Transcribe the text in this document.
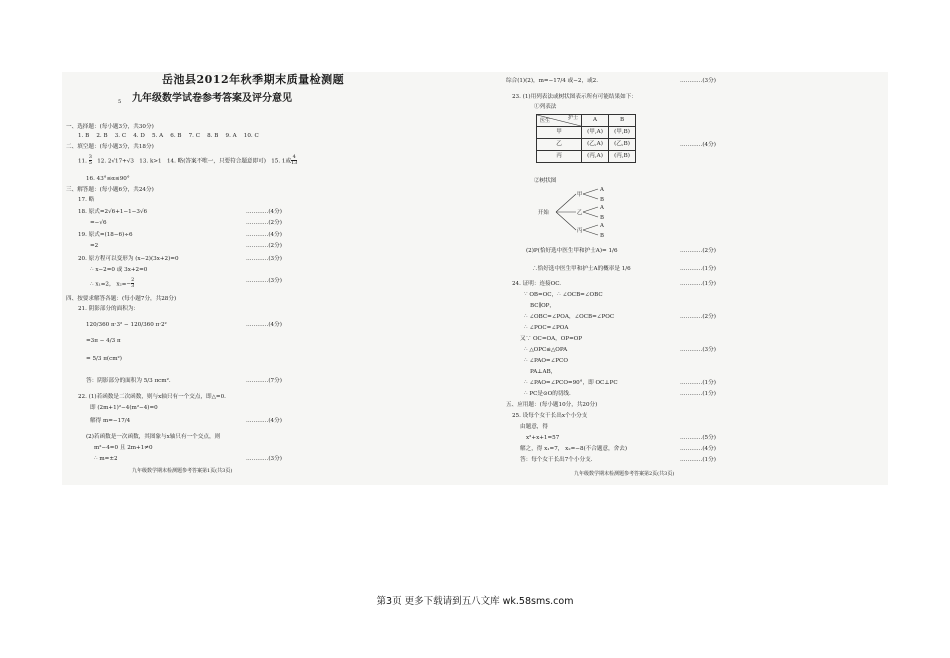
岳池县2012年秋季期末质量检测题
5 九年级数学试卷参考答案及评分意见
一、选择题：(每小题3分，共30分)
1. B 2. B 3. C 4. D 5. A 6. B 7. C 8. B 9. A 10. C
二、填空题：(每小题3分，共18分)
11. $\frac{3}{5} 12$. 2√17+√3 13. k>1 14. 略(答案不唯一，只要符合题意即可) 15. 1或 $\frac{4}{13}$
16. 43°≤α≤90°
三、解答题：(每小题6分，共24分)
17. 略
18. 原式=2√6+1−1−3√6	…………(4分)
=−√6	…………(2分)
19. 原式=(18−6)÷6	…………(4分)
=2	…………(2分)
20. 原方程可以变形为 (x−2)(3x+2)=0	…………(3分)
∴ x−2=0 或 3x+2=0
∴ x₁=2， $x_2=- \frac{2}{3}$	…………(3分)
四、按要求解答各题：(每小题7分，共28分)
21. 阴影部分的面积为：
120/360 π·3² − 120/360 π·2²	…………(4分)
=3π − 4/3 π
= 5/3 π(cm²)
答：阴影部分的面积为 5/3 πcm².	…………(7分)
22. (1)若函数是二次函数，则与x轴只有一个交点，即△=0.
即 (2m+1)²−4(m²−4)=0
解得 m=−17/4	…………(4分)
(2)若函数是一次函数，其图象与x轴只有一个交点，则
m²−4=0 且 2m+1≠0
∴ m=±2	…………(3分)
九年级数学期末检测题参考答案第1页(共3页)
综合(1)(2)，m=−17/4 或−2，或2.	…………(3分)
23. (1)用列表法或树状图表示所有可能结果如下：
①列表法
护士
医生	A	B
甲	(甲,A)	(甲,B)
乙	(乙,A)	(乙,B)
丙	(丙,A)	(丙,B)
…………(4分)
②树状图
开始
甲
乙
丙
A
B
A
B
A
B
(2)P(恰好选中医生甲和护士A)= 1/6	…………(2分)
∴恰好选中医生甲和护士A的概率是 1/6	…………(1分)
24. 证明：连接OC.	…………(1分)
∵ OB=OC，∴ ∠OCB=∠OBC
BC∥OP，
∴ ∠OBC=∠POA，∠OCB=∠POC	…………(2分)
∴ ∠POC=∠POA
又∵ OC=OA，OP=OP
∴ △OPC≌△OPA	…………(3分)
∴ ∠PAO=∠PCO
PA⊥AB，
∴ ∠PAO=∠PCO=90°，即 OC⊥PC	…………(1分)
∴ PC是⊙O的切线.	…………(1分)
五、应用题：(每小题10分，共20分)
25. 设每个女干长出x个小分支
由题意，得
x²+x+1=57	…………(5分)
解之，得 x₁=7， x₂=−8(不合题意，舍去)	…………(4分)
答：每个女干长出7个小分支.	…………(1分)
九年级数学期末检测题参考答案第2页(共3页)
第3页 更多下载请到五八文库 wk.58sms.com
